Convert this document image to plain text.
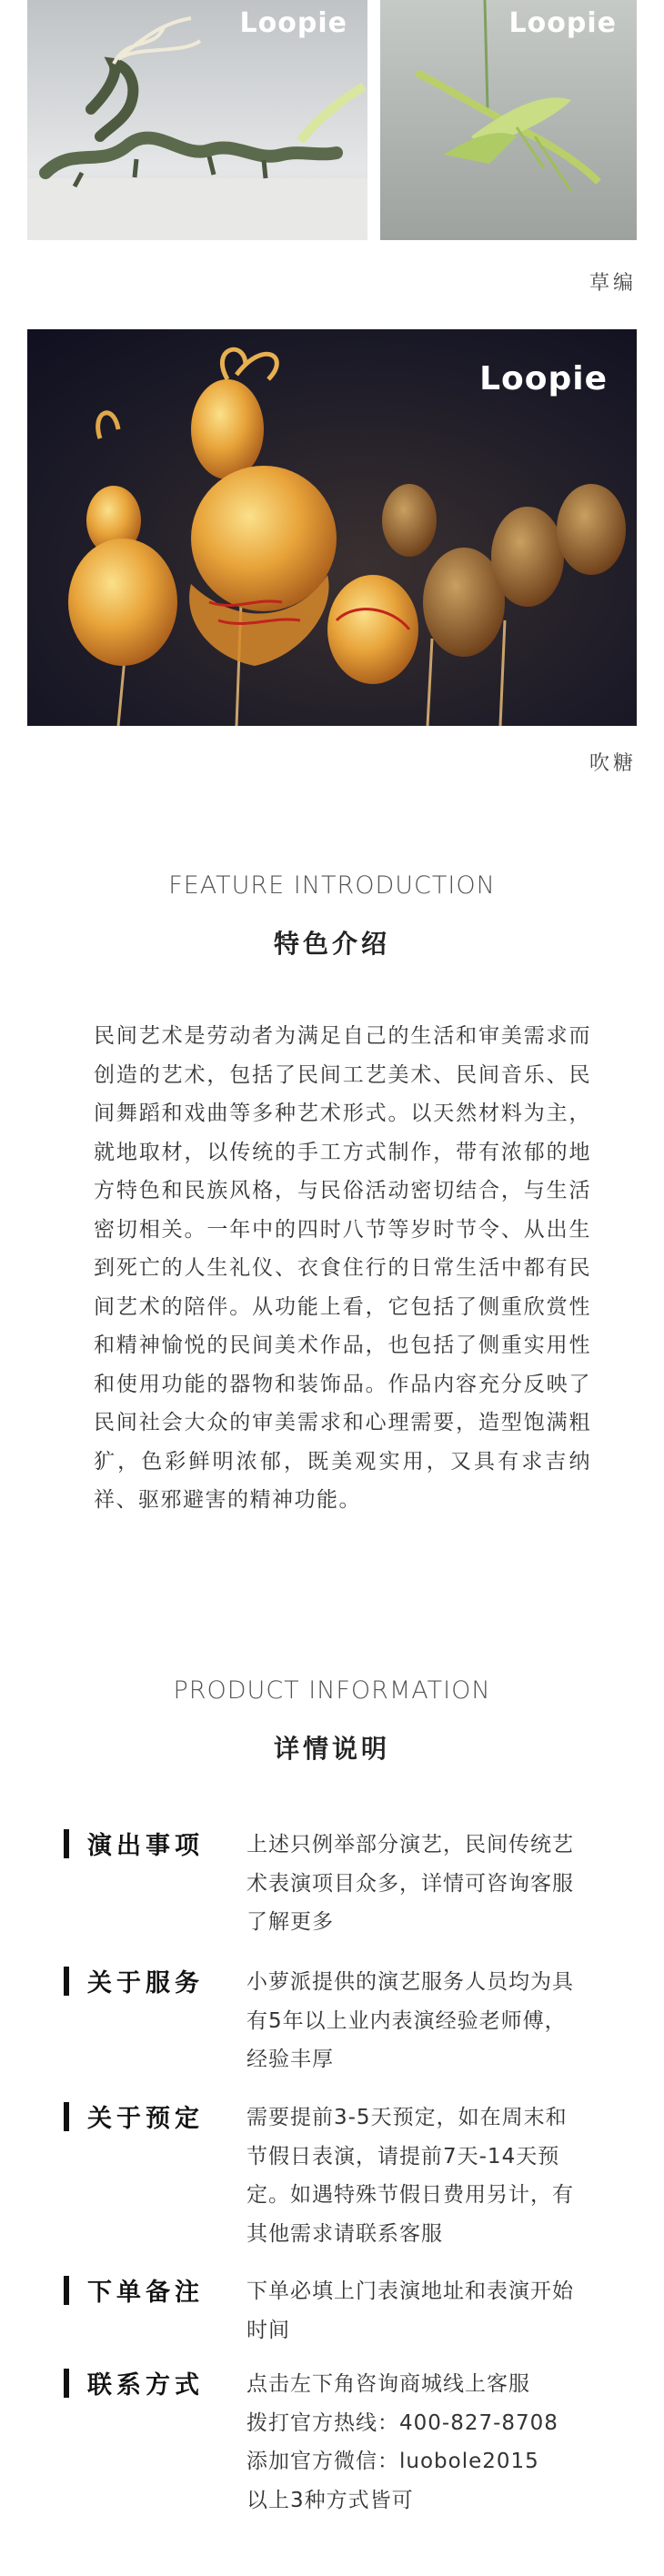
Loopie	Loopie
草编
Loopie
吹糖
FEATURE INTRODUCTION
特色介绍
民间艺术是劳动者为满足自己的生活和审美需求而创造的艺术，包括了民间工艺美术、民间音乐、民间舞蹈和戏曲等多种艺术形式。以天然材料为主，就地取材，以传统的手工方式制作，带有浓郁的地方特色和民族风格，与民俗活动密切结合，与生活密切相关。一年中的四时八节等岁时节令、从出生到死亡的人生礼仪、衣食住行的日常生活中都有民间艺术的陪伴。从功能上看，它包括了侧重欣赏性和精神愉悦的民间美术作品，也包括了侧重实用性和使用功能的器物和装饰品。作品内容充分反映了民间社会大众的审美需求和心理需要，造型饱满粗犷，色彩鲜明浓郁，既美观实用，又具有求吉纳祥、驱邪避害的精神功能。
PRODUCT INFORMATION
详情说明
演出事项 上述只例举部分演艺，民间传统艺
术表演项目众多，详情可咨询客服
了解更多
关于服务 小萝派提供的演艺服务人员均为具
有5年以上业内表演经验老师傅，
经验丰厚
关于预定 需要提前3-5天预定，如在周末和
节假日表演，请提前7天-14天预
定。如遇特殊节假日费用另计，有
其他需求请联系客服
下单备注 下单必填上门表演地址和表演开始
时间
联系方式 点击左下角咨询商城线上客服
拨打官方热线：400-827-8708
添加官方微信：luobole2015
以上3种方式皆可
